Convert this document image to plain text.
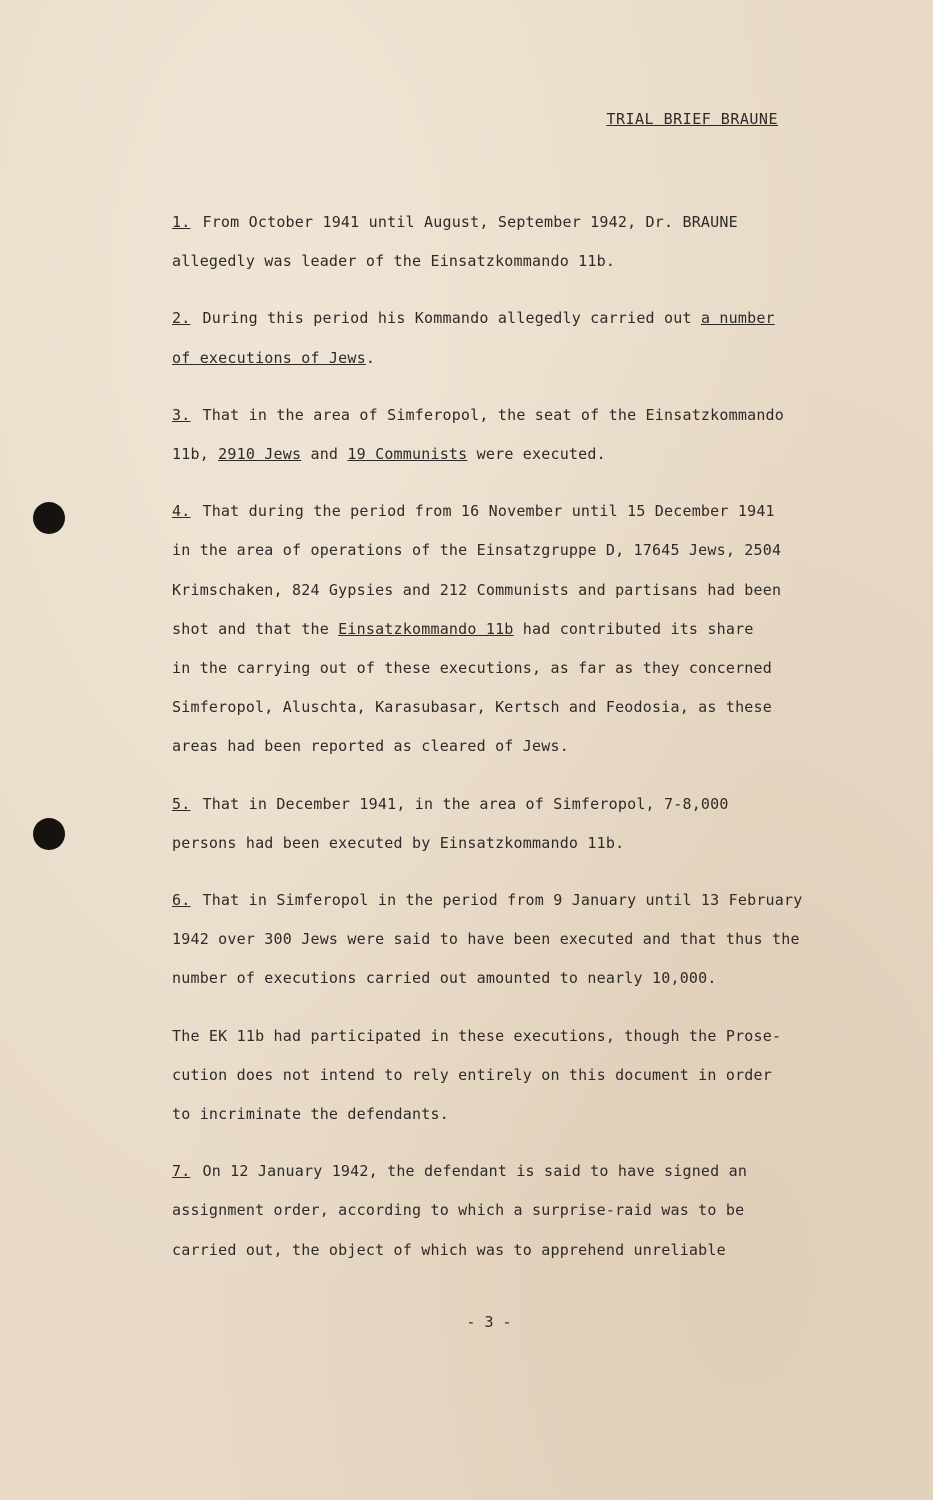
TRIAL BRIEF BRAUNE
1. From October 1941 until August, September 1942, Dr. BRAUNE
allegedly was leader of the Einsatzkommando 11b.
2. During this period his Kommando allegedly carried out a number
of executions of Jews.
3. That in the area of Simferopol, the seat of the Einsatzkommando
11b, 2910 Jews and 19 Communists were executed.
4. That during the period from 16 November until 15 December 1941
in the area of operations of the Einsatzgruppe D, 17645 Jews, 2504
Krimschaken, 824 Gypsies and 212 Communists and partisans had been
shot and that the Einsatzkommando 11b had contributed its share
in the carrying out of these executions, as far as they concerned
Simferopol, Aluschta, Karasubasar, Kertsch and Feodosia, as these
areas had been reported as cleared of Jews.
5. That in December 1941, in the area of Simferopol, 7-8,000
persons had been executed by Einsatzkommando 11b.
6. That in Simferopol in the period from 9 January until 13 February
1942 over 300 Jews were said to have been executed and that thus the
number of executions carried out amounted to nearly 10,000.
The EK 11b had participated in these executions, though the Prose-
cution does not intend to rely entirely on this document in order
to incriminate the defendants.
7. On 12 January 1942, the defendant is said to have signed an
assignment order, according to which a surprise-raid was to be
carried out, the object of which was to apprehend unreliable
- 3 -
